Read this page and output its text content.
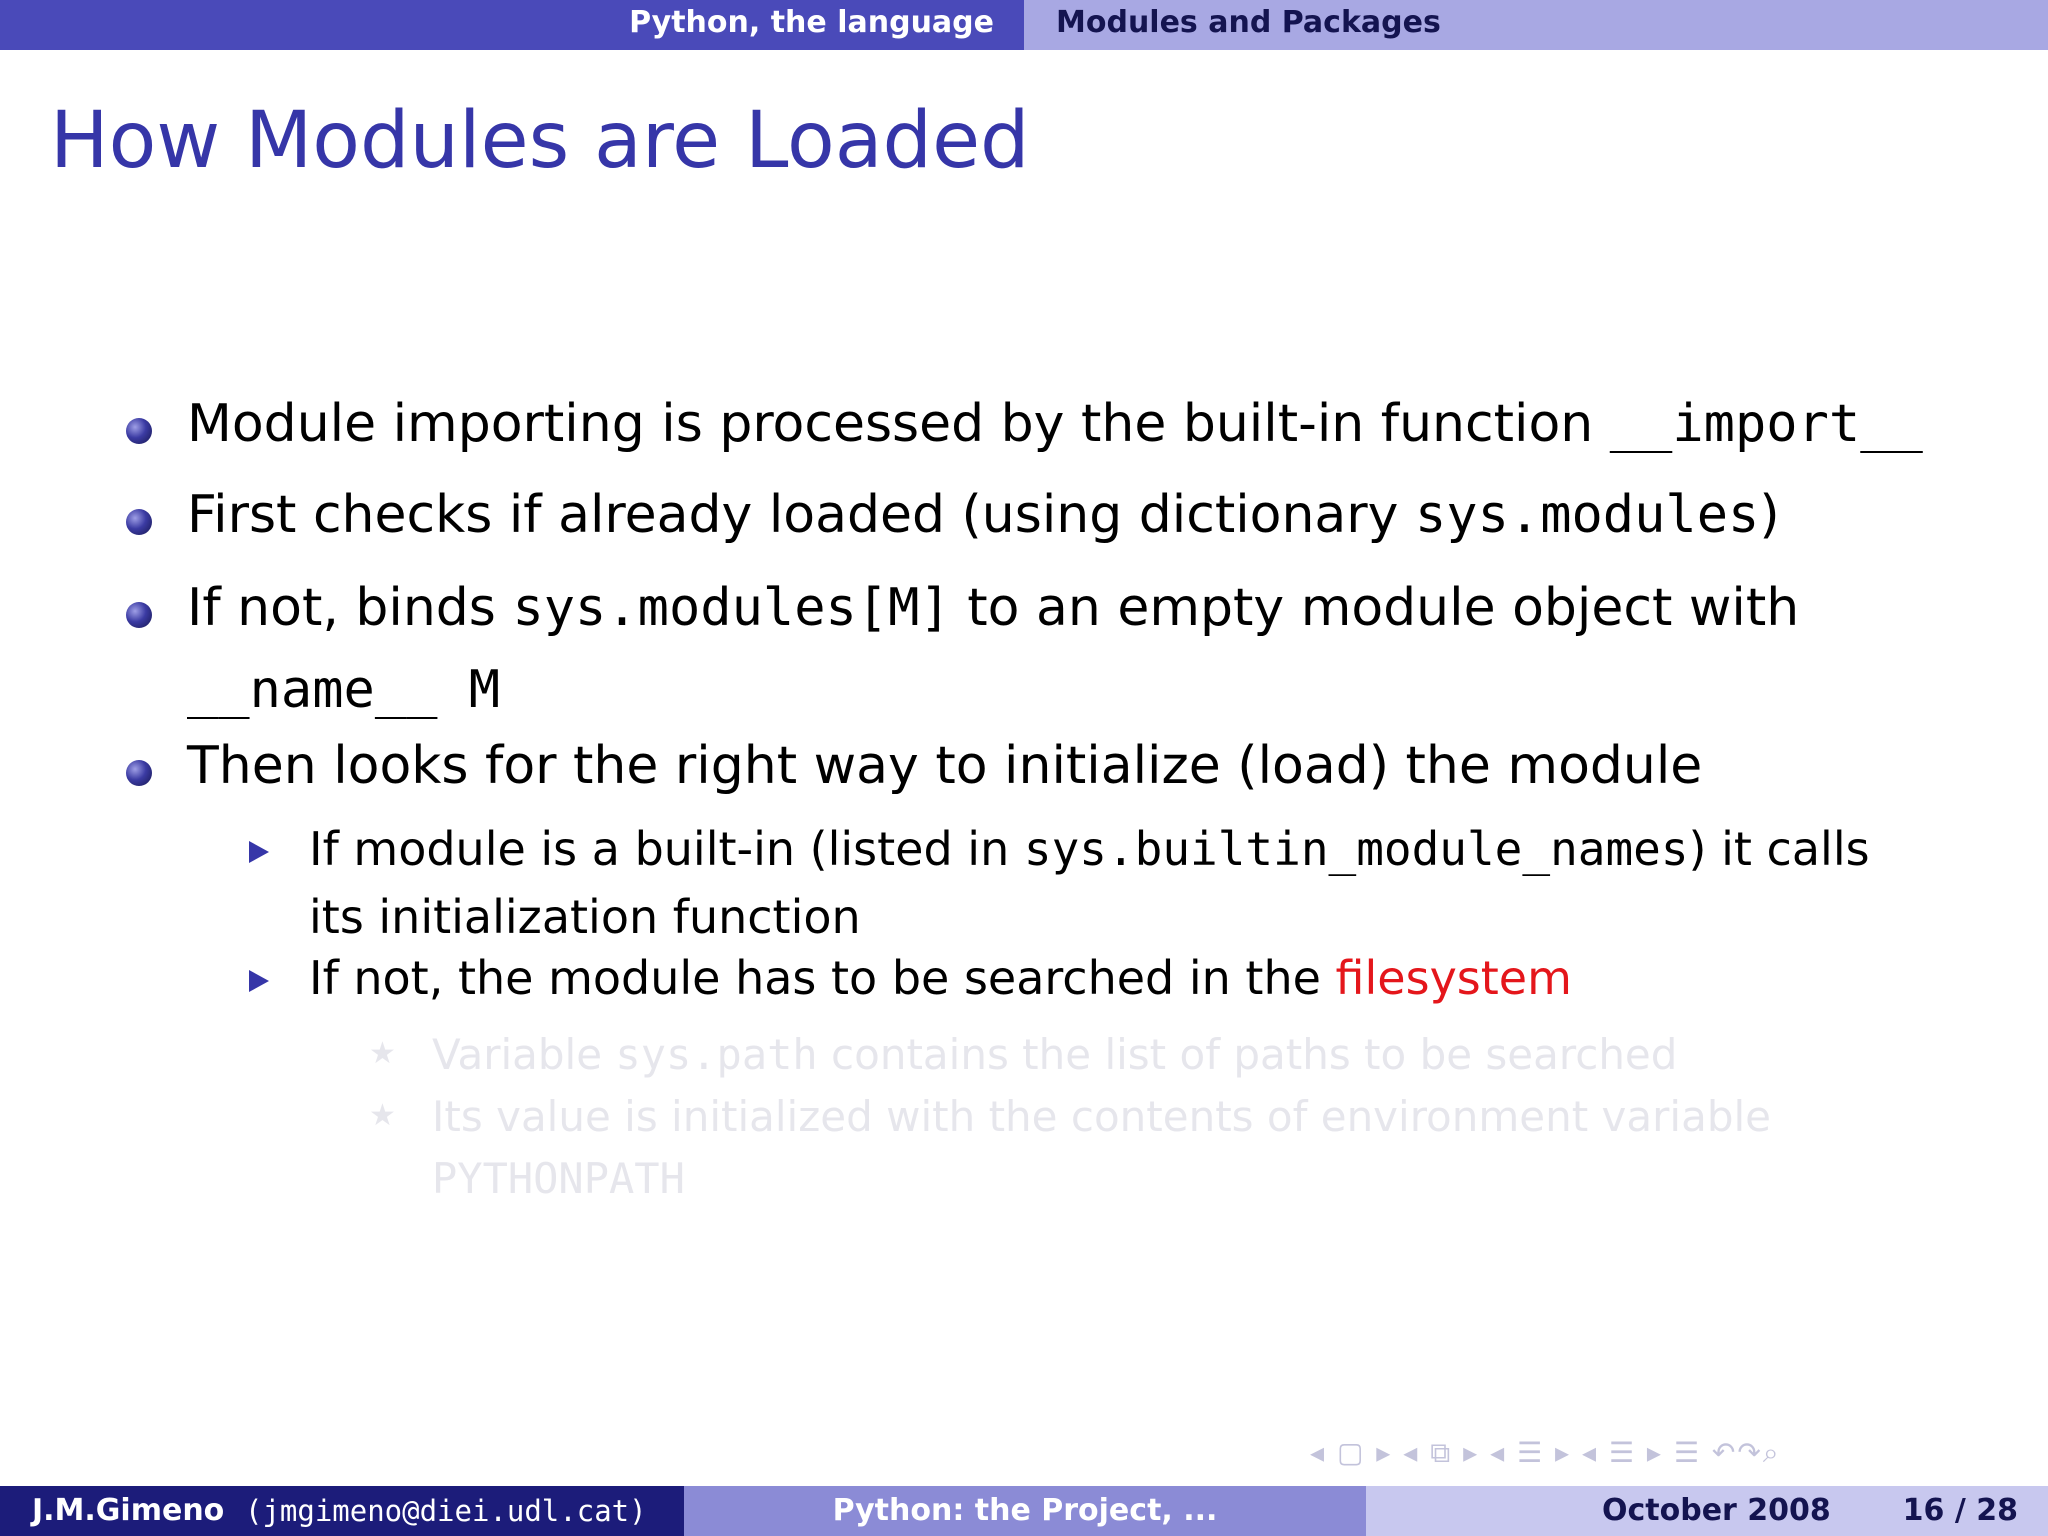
Python, the language Modules and Packages
How Modules are Loaded
Module importing is processed by the built-in function __import__
First checks if already loaded (using dictionary sys.modules)
If not, binds sys.modules[M] to an empty module object with
__name__ M
Then looks for the right way to initialize (load) the module
If module is a built-in (listed in sys.builtin_module_names) it calls
its initialization function
If not, the module has to be searched in the filesystem
★ Variable sys.path contains the list of paths to be searched
★ Its value is initialized with the contents of environment variable
PYTHONPATH
◂ ▢ ▸ ◂ ⧉ ▸ ◂ ☰ ▸ ◂ ☰ ▸ ☰ ↶↷⌕
J.M.Gimeno (jmgimeno@diei.udl.cat)	Python: the Project, ...	October 2008 16 / 28
